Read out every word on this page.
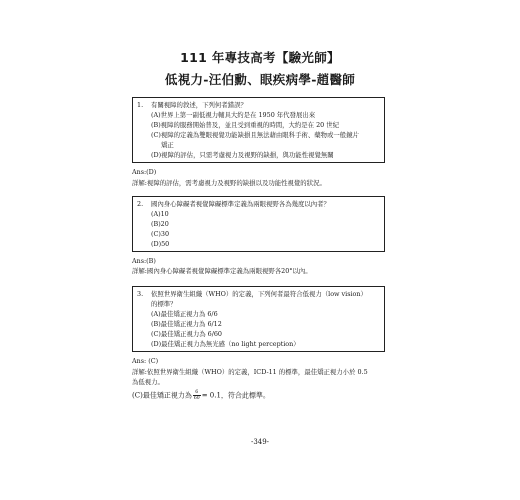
111 年專技高考【驗光師】
低視力-汪伯勳、眼疾病學-趙醫師
1.	有關視障的敘述，下列何者錯誤？
(A)世界上第一副低視力輔具大約是在 1950 年代發展出來
(B)視障的服務開始普及，並且受到重視的時間，大約是在 20 世紀
(C)視障的定義為雙眼視覺功能缺損且無法藉由眼科手術、藥物或一般鏡片
矯正
(D)視障的評估，只需考慮視力及視野的缺損，與功能性視覺無關
Ans:(D)
詳解:視障的評估，需考慮視力及視野的缺損以及功能性視覺的狀況。
2.	國內身心障礙者視覺障礙標準定義為兩眼視野各為幾度以內者？
(A)10
(B)20
(C)30
(D)50
Ans:(B)
詳解:國內身心障礙者視覺障礙標準定義為兩眼視野各20°以內。
3.	依照世界衛生組織（WHO）的定義，下列何者最符合低視力（low vision）
的標準？
(A)最佳矯正視力為 6/6
(B)最佳矯正視力為 6/12
(C)最佳矯正視力為 6/60
(D)最佳矯正視力為無光感（no light perception）
Ans: (C)
詳解:依照世界衛生組織（WHO）的定義，ICD-11 的標準，最佳矯正視力小於 0.5
為低視力。
(C)最佳矯正視力為 $\frac{6}{60} = 0.1$，符合此標準。
-349-
